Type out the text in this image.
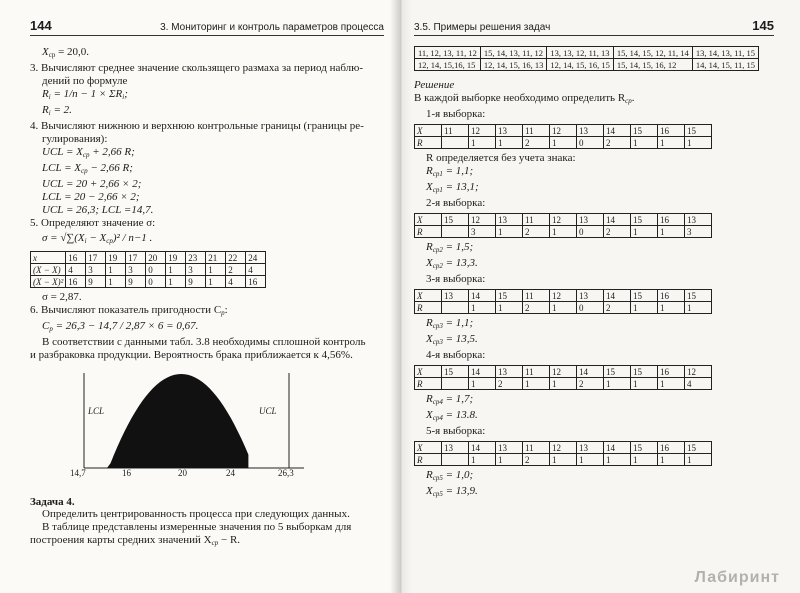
144	3. Мониторинг и контроль параметров процесса

$X_{ср} = 20,0$.

3. Вычисляют среднее значение скользящего размаха за период наблю-

дений по формуле

$R_i = 1/n - 1 \times \Sigma R_i$;

$R_i = 2$.

4. Вычисляют нижнюю и верхнюю контрольные границы (границы ре-

гулирования):

UCL = $X_{ср} + 2,66$ R;

LCL = $X_{ср} - 2,66$ R;

UCL = 20 + 2,66 × 2;

LCL = 20 − 2,66 × 2;

UCL = 26,3; LCL =14,7.

5. Определяют значение σ:

$\sigma = √\sum(X_i - X_{ср})^2 / n-1$ .

x	16	17	19	17	20	19	23	21	22	24
(X − X)	4	3	1	3	0	1	3	1	2	4
(X − X)²	16	9	1	9	0	1	9	1	4	16

σ = 2,87.

6. Вычисляют показатель пригодности $C_p$:

$C_p = 26,3 - 14,7 / 2,87 \times 6 = 0,67$.

В соответствии с данными табл. 3.8 необходимы сплошной контроль

и разбраковка продукции. Вероятность брака приближается к 4,56%.

LCL	UCL
14,7	16	20	24	26,3

Задача 4.

Определить центрированность процесса при следующих данных.

В таблице представлены измеренные значения по 5 выборкам для

построения карты средних значений $X_{ср} - R$.

3.5. Примеры решения задач	145
11, 12, 13, 11, 12	15, 14, 13, 11, 12	13, 13, 12, 11, 13	15, 14, 15, 12, 11, 14	13, 14, 13, 11, 15
12, 14, 15,16, 15	12, 14, 15, 16, 13	12, 14, 15, 16, 15	15, 14, 15, 16, 12	14, 14, 15, 11, 15

Решение

В каждой выборке необходимо определить $R_{ср}$.

1-я выборка:

X	11	12	13	11	12	13	14	15	16	15
R		1	1	2	1	0	2	1	1	1

R определяется без учета знака:

$R_{ср1} = 1,1$;

$X_{ср1} = 13,1$;

2-я выборка:

X	15	12	13	11	12	13	14	15	16	13
R		3	1	2	1	0	2	1	1	3

$R_{ср2} = 1,5$;

$X_{ср2} = 13,3$.

3-я выборка:

X	13	14	15	11	12	13	14	15	16	15
R		1	1	2	1	0	2	1	1	1

$R_{ср3} = 1,1$;

$X_{ср3} = 13,5$.

4-я выборка:

X	15	14	13	11	12	14	15	15	16	12
R		1	2	1	1	2	1	1	1	4

$R_{ср4} = 1,7$;

$X_{ср4} = 13.8$.

5-я выборка:

X	13	14	13	11	12	13	14	15	16	15
R		1	1	2	1	1	1	1	1	1

$R_{ср5} = 1,0$;

$X_{ср5} = 13,9$.

Лабиринт
